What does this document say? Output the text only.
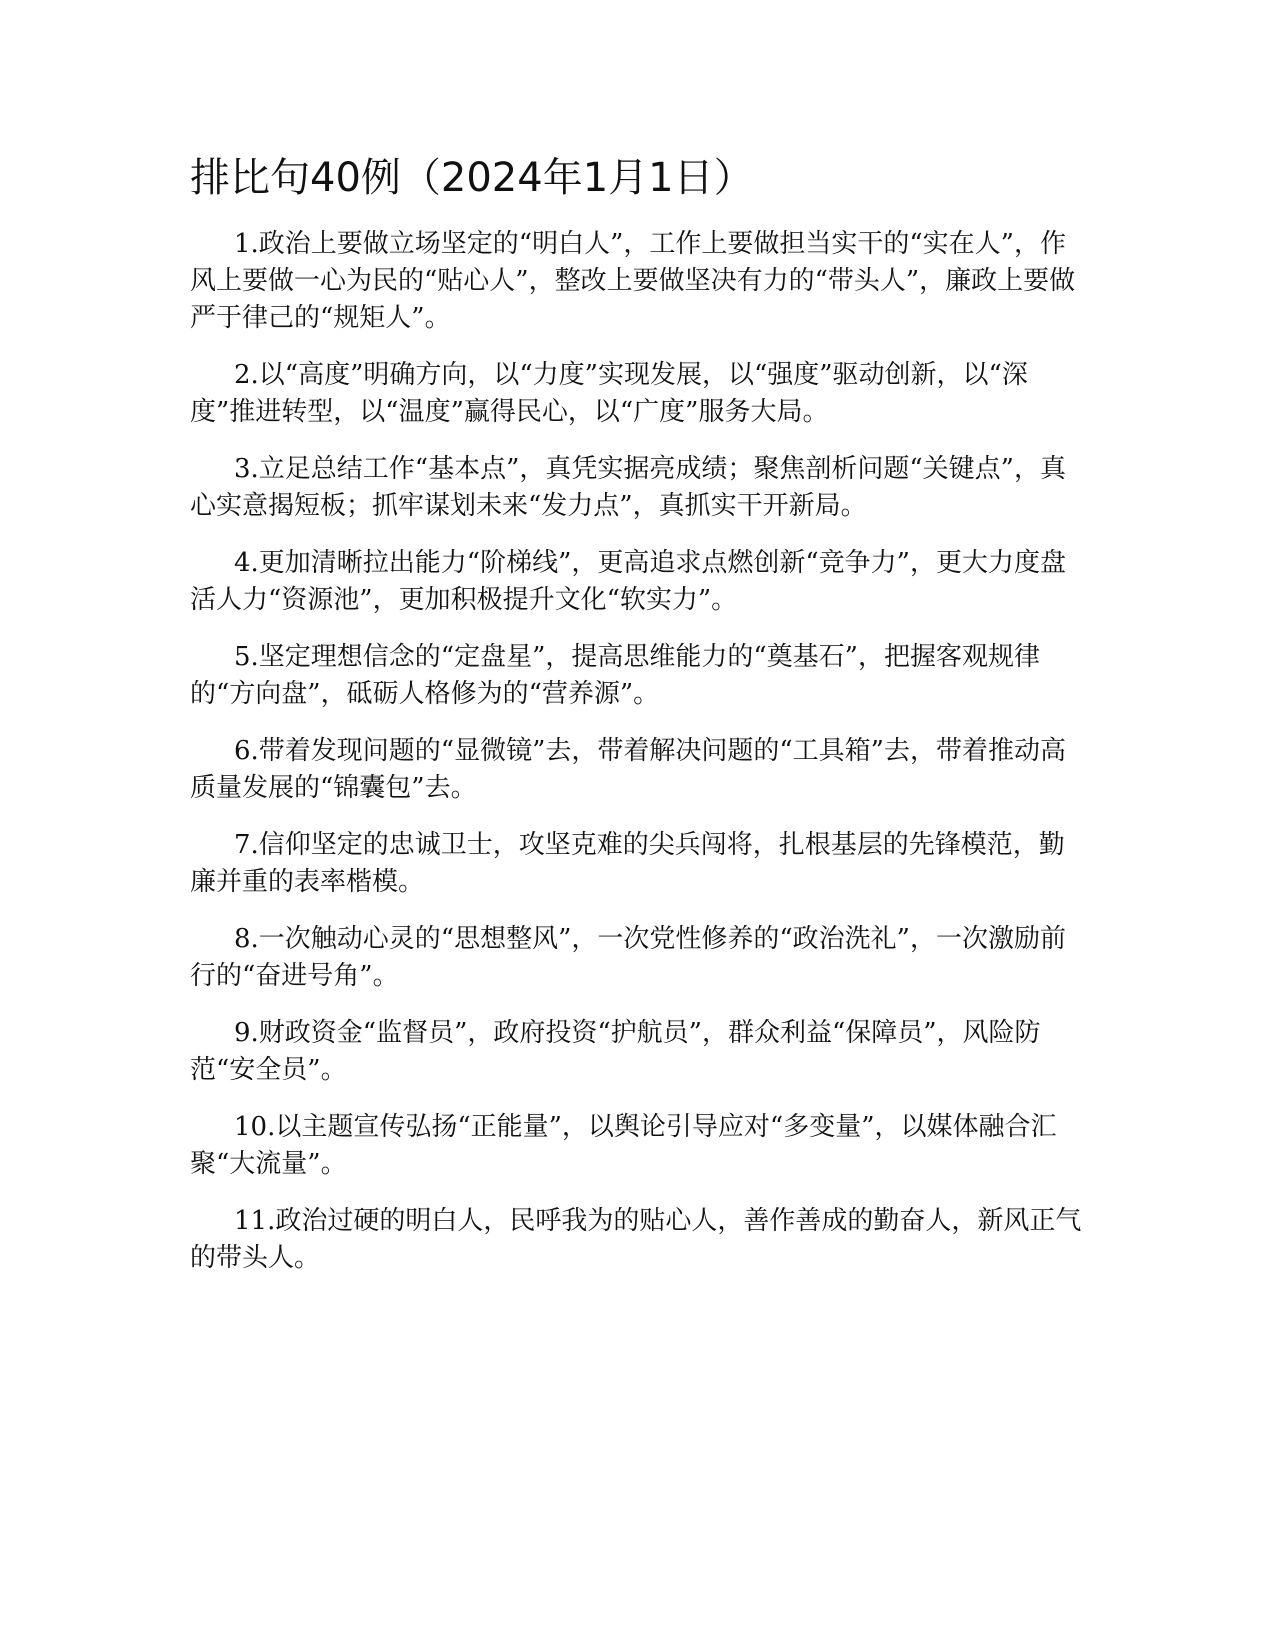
排比句40例（2024年1月1日）

1.政治上要做立场坚定的“明白人”，工作上要做担当实干的“实在人”，作风上要做一心为民的“贴心人”，整改上要做坚决有力的“带头人”，廉政上要做严于律己的“规矩人”。

2.以“高度”明确方向，以“力度”实现发展，以“强度”驱动创新，以“深度”推进转型，以“温度”赢得民心，以“广度”服务大局。

3.立足总结工作“基本点”，真凭实据亮成绩；聚焦剖析问题“关键点”，真心实意揭短板；抓牢谋划未来“发力点”，真抓实干开新局。

4.更加清晰拉出能力“阶梯线”，更高追求点燃创新“竞争力”，更大力度盘活人力“资源池”，更加积极提升文化“软实力”。

5.坚定理想信念的“定盘星”，提高思维能力的“奠基石”，把握客观规律的“方向盘”，砥砺人格修为的“营养源”。

6.带着发现问题的“显微镜”去，带着解决问题的“工具箱”去，带着推动高质量发展的“锦囊包”去。

7.信仰坚定的忠诚卫士，攻坚克难的尖兵闯将，扎根基层的先锋模范，勤廉并重的表率楷模。

8.一次触动心灵的“思想整风”，一次党性修养的“政治洗礼”，一次激励前行的“奋进号角”。

9.财政资金“监督员”，政府投资“护航员”，群众利益“保障员”，风险防范“安全员”。

10.以主题宣传弘扬“正能量”，以舆论引导应对“多变量”，以媒体融合汇聚“大流量”。

11.政治过硬的明白人，民呼我为的贴心人，善作善成的勤奋人，新风正气的带头人。
